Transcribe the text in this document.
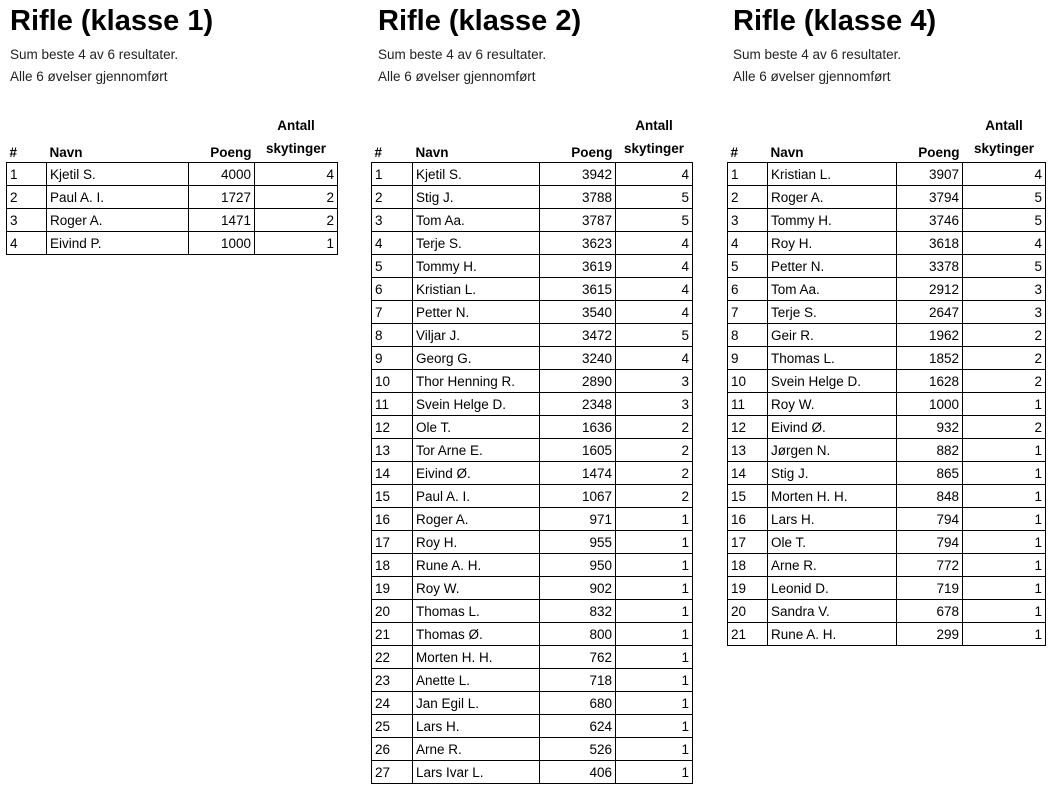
Rifle (klasse 1)
Sum beste 4 av 6 resultater.
Alle 6 øvelser gjennomført
Rifle (klasse 2)
Sum beste 4 av 6 resultater.
Alle 6 øvelser gjennomført
Rifle (klasse 4)
Sum beste 4 av 6 resultater.
Alle 6 øvelser gjennomført
#	Navn	Poeng	Antall
skytinger

1	Kjetil S.	4000	4
2	Paul A. I.	1727	2
3	Roger A.	1471	2
4	Eivind P.	1000	1
#	Navn	Poeng	Antall
skytinger

1	Kjetil S.	3942	4
2	Stig J.	3788	5
3	Tom Aa.	3787	5
4	Terje S.	3623	4
5	Tommy H.	3619	4
6	Kristian L.	3615	4
7	Petter N.	3540	4
8	Viljar J.	3472	5
9	Georg G.	3240	4
10	Thor Henning R.	2890	3
11	Svein Helge D.	2348	3
12	Ole T.	1636	2
13	Tor Arne E.	1605	2
14	Eivind Ø.	1474	2
15	Paul A. I.	1067	2
16	Roger A.	971	1
17	Roy H.	955	1
18	Rune A. H.	950	1
19	Roy W.	902	1
20	Thomas L.	832	1
21	Thomas Ø.	800	1
22	Morten H. H.	762	1
23	Anette L.	718	1
24	Jan Egil L.	680	1
25	Lars H.	624	1
26	Arne R.	526	1
27	Lars Ivar L.	406	1
#	Navn	Poeng	Antall
skytinger

1	Kristian L.	3907	4
2	Roger A.	3794	5
3	Tommy H.	3746	5
4	Roy H.	3618	4
5	Petter N.	3378	5
6	Tom Aa.	2912	3
7	Terje S.	2647	3
8	Geir R.	1962	2
9	Thomas L.	1852	2
10	Svein Helge D.	1628	2
11	Roy W.	1000	1
12	Eivind Ø.	932	2
13	Jørgen N.	882	1
14	Stig J.	865	1
15	Morten H. H.	848	1
16	Lars H.	794	1
17	Ole T.	794	1
18	Arne R.	772	1
19	Leonid D.	719	1
20	Sandra V.	678	1
21	Rune A. H.	299	1
